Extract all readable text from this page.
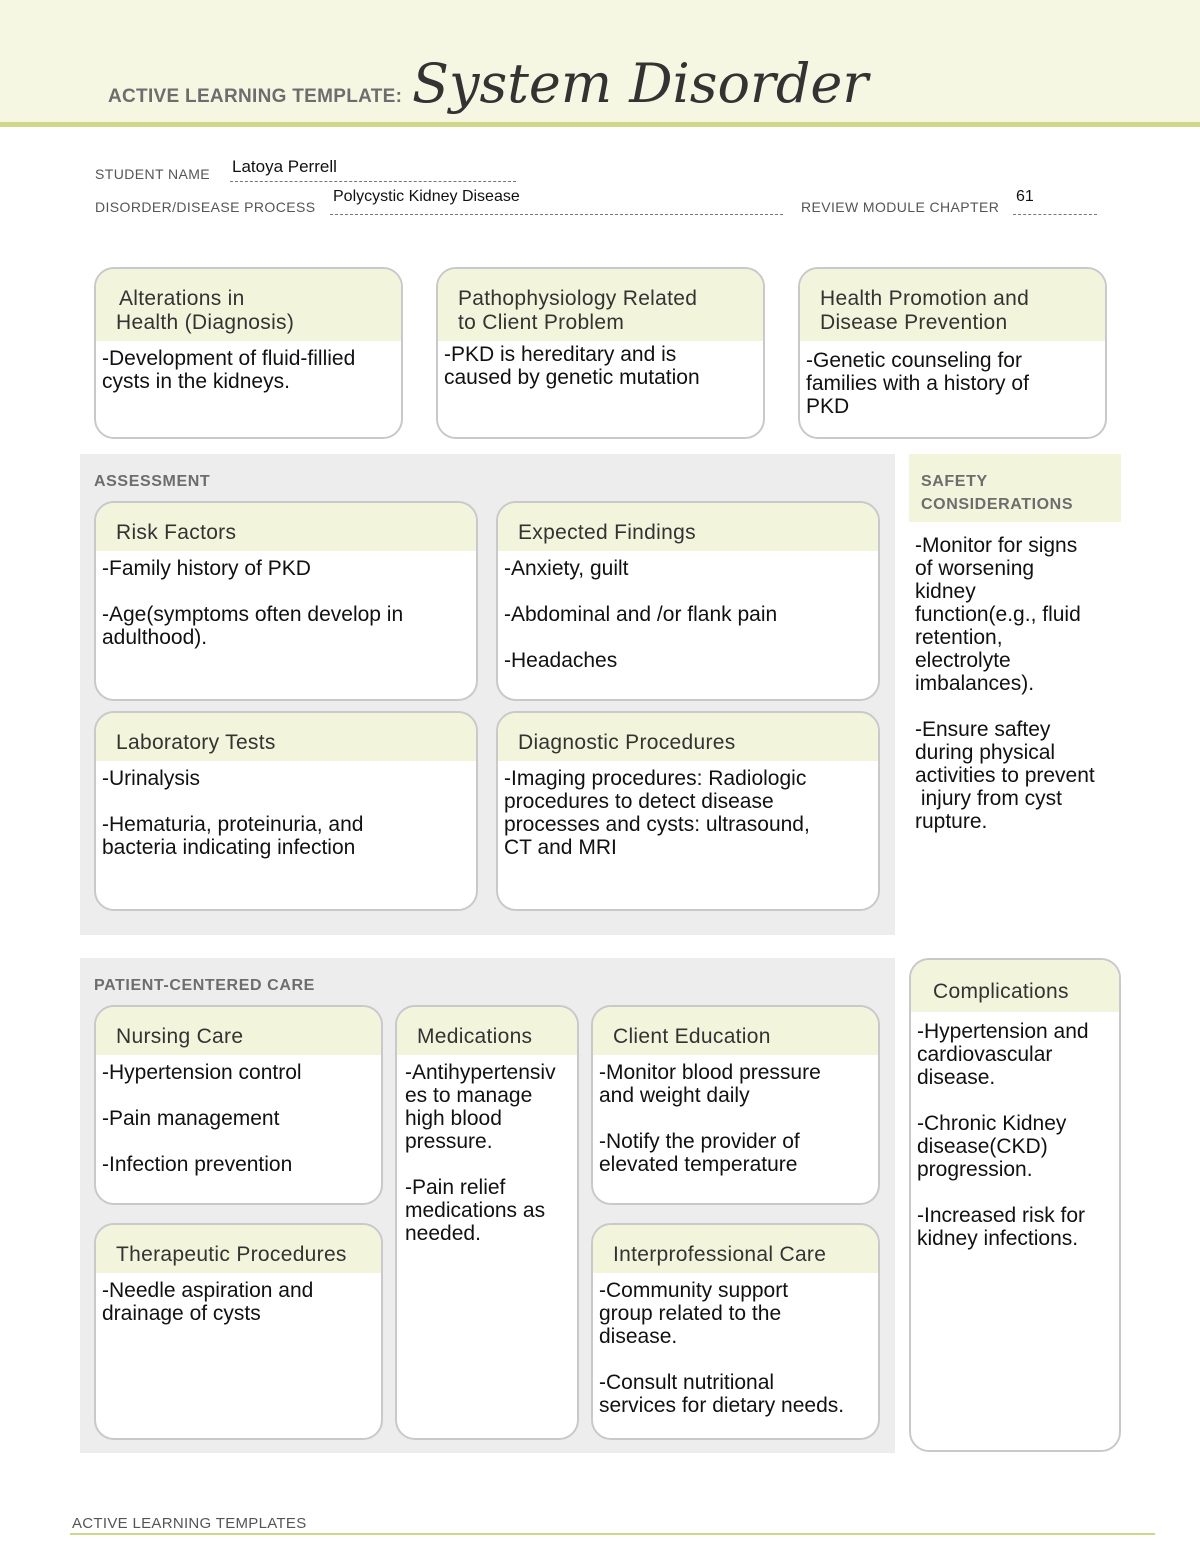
ACTIVE LEARNING TEMPLATE: System Disorder
STUDENT NAME Latoya Perrell
DISORDER/DISEASE PROCESS
Polycystic Kidney Disease
REVIEW MODULE CHAPTER
61
Alterations in
Health (Diagnosis)
-Development of fluid-fillied
cysts in the kidneys.
Pathophysiology Related
to Client Problem
-PKD is hereditary and is
caused by genetic mutation
Health Promotion and
Disease Prevention
-Genetic counseling for
families with a history of
PKD
ASSESSMENT
Risk Factors

-Family history of PKD

-Age(symptoms often develop in
adulthood).
Expected Findings

-Anxiety, guilt

-Abdominal and /or flank pain

-Headaches

Laboratory Tests

-Urinalysis

-Hematuria, proteinuria, and
bacteria indicating infection
Diagnostic Procedures
-Imaging procedures: Radiologic
procedures to detect disease
processes and cysts: ultrasound,
CT and MRI
SAFETY
CONSIDERATIONS

-Monitor for signs
of worsening
kidney
function(e.g., fluid
retention,
electrolyte
imbalances).

-Ensure saftey
during physical
activities to prevent
injury from cyst
rupture.

PATIENT-CENTERED CARE
Nursing Care

-Hypertension control

-Pain management

-Infection prevention

Medications

-Antihypertensiv
es to manage
high blood
pressure.

-Pain relief
medications as
needed.

Client Education

-Monitor blood pressure
and weight daily

-Notify the provider of
elevated temperature

Therapeutic Procedures
-Needle aspiration and
drainage of cysts
Interprofessional Care

-Community support
group related to the
disease.

-Consult nutritional
services for dietary needs.

Complications

-Hypertension and
cardiovascular
disease.

-Chronic Kidney
disease(CKD)
progression.

-Increased risk for
kidney infections.

ACTIVE LEARNING TEMPLATES
